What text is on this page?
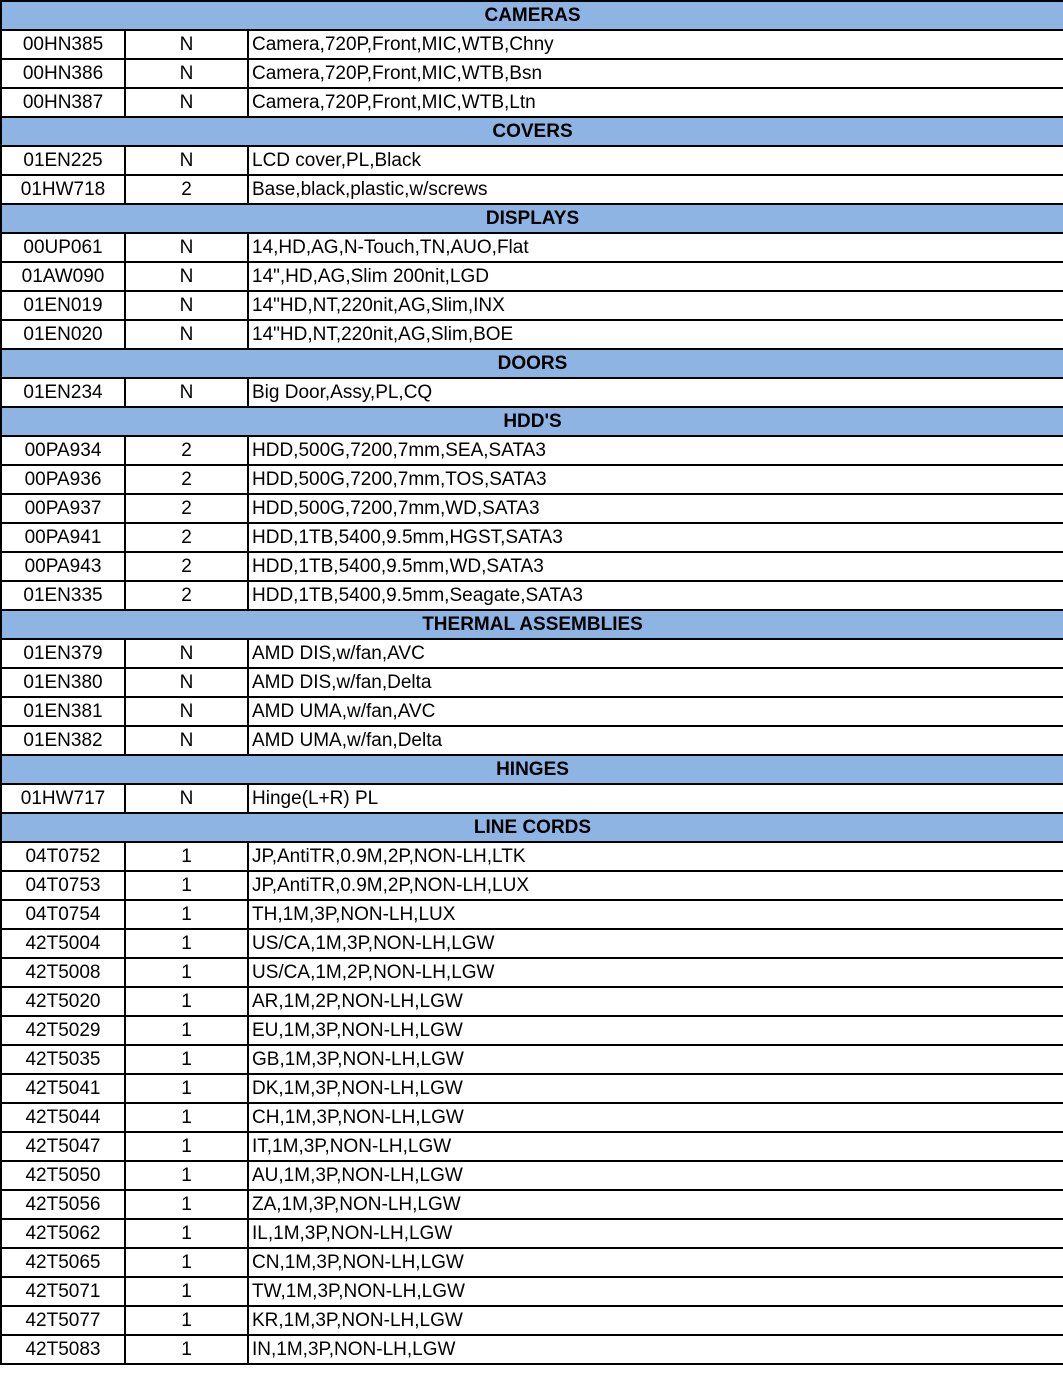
CAMERAS		
00HN385	N	Camera,720P,Front,MIC,WTB,Chny
00HN386	N	Camera,720P,Front,MIC,WTB,Bsn
00HN387	N	Camera,720P,Front,MIC,WTB,Ltn
COVERS		
01EN225	N	LCD cover,PL,Black
01HW718	2	Base,black,plastic,w/screws
DISPLAYS		
00UP061	N	14,HD,AG,N-Touch,TN,AUO,Flat
01AW090	N	14",HD,AG,Slim 200nit,LGD
01EN019	N	14"HD,NT,220nit,AG,Slim,INX
01EN020	N	14"HD,NT,220nit,AG,Slim,BOE
DOORS		
01EN234	N	Big Door,Assy,PL,CQ
HDD'S		
00PA934	2	HDD,500G,7200,7mm,SEA,SATA3
00PA936	2	HDD,500G,7200,7mm,TOS,SATA3
00PA937	2	HDD,500G,7200,7mm,WD,SATA3
00PA941	2	HDD,1TB,5400,9.5mm,HGST,SATA3
00PA943	2	HDD,1TB,5400,9.5mm,WD,SATA3
01EN335	2	HDD,1TB,5400,9.5mm,Seagate,SATA3
THERMAL ASSEMBLIES		
01EN379	N	AMD DIS,w/fan,AVC
01EN380	N	AMD DIS,w/fan,Delta
01EN381	N	AMD UMA,w/fan,AVC
01EN382	N	AMD UMA,w/fan,Delta
HINGES		
01HW717	N	Hinge(L+R) PL
LINE CORDS		
04T0752	1	JP,AntiTR,0.9M,2P,NON-LH,LTK
04T0753	1	JP,AntiTR,0.9M,2P,NON-LH,LUX
04T0754	1	TH,1M,3P,NON-LH,LUX
42T5004	1	US/CA,1M,3P,NON-LH,LGW
42T5008	1	US/CA,1M,2P,NON-LH,LGW
42T5020	1	AR,1M,2P,NON-LH,LGW
42T5029	1	EU,1M,3P,NON-LH,LGW
42T5035	1	GB,1M,3P,NON-LH,LGW
42T5041	1	DK,1M,3P,NON-LH,LGW
42T5044	1	CH,1M,3P,NON-LH,LGW
42T5047	1	IT,1M,3P,NON-LH,LGW
42T5050	1	AU,1M,3P,NON-LH,LGW
42T5056	1	ZA,1M,3P,NON-LH,LGW
42T5062	1	IL,1M,3P,NON-LH,LGW
42T5065	1	CN,1M,3P,NON-LH,LGW
42T5071	1	TW,1M,3P,NON-LH,LGW
42T5077	1	KR,1M,3P,NON-LH,LGW
42T5083	1	IN,1M,3P,NON-LH,LGW
